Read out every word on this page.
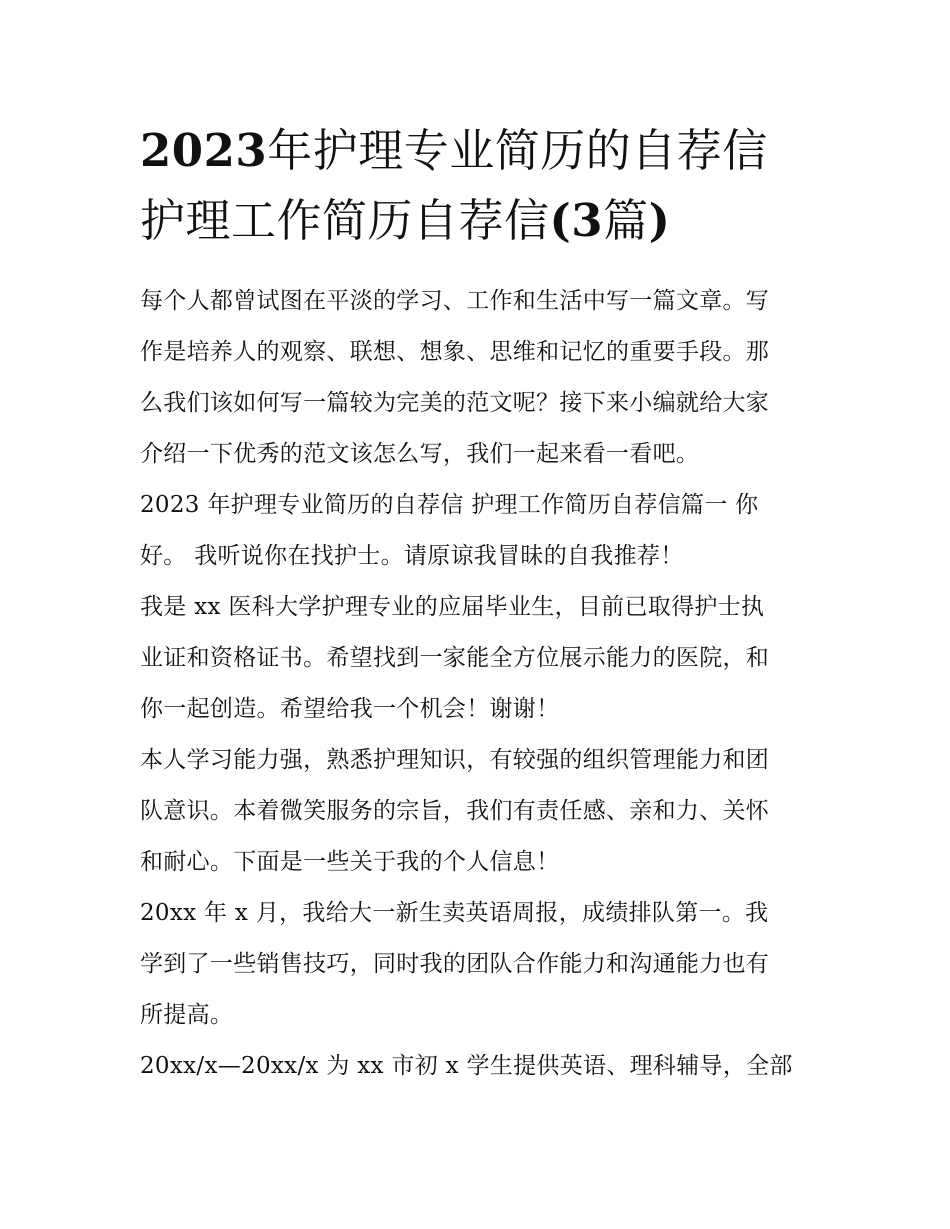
2023年护理专业简历的自荐信
护理工作简历自荐信(3篇)

每个人都曾试图在平淡的学习、工作和生活中写一篇文章。写
作是培养人的观察、联想、想象、思维和记忆的重要手段。那
么我们该如何写一篇较为完美的范文呢？接下来小编就给大家
介绍一下优秀的范文该怎么写，我们一起来看一看吧。

2023 年护理专业简历的自荐信 护理工作简历自荐信篇一 你
好。 我听说你在找护士。请原谅我冒昧的自我推荐！

我是 xx 医科大学护理专业的应届毕业生，目前已取得护士执
业证和资格证书。希望找到一家能全方位展示能力的医院，和
你一起创造。希望给我一个机会！谢谢！

本人学习能力强，熟悉护理知识，有较强的组织管理能力和团
队意识。本着微笑服务的宗旨，我们有责任感、亲和力、关怀
和耐心。下面是一些关于我的个人信息！

20xx 年 x 月，我给大一新生卖英语周报，成绩排队第一。我
学到了一些销售技巧，同时我的团队合作能力和沟通能力也有
所提高。

20xx/x—20xx/x 为 xx 市初 x 学生提供英语、理科辅导，全部
